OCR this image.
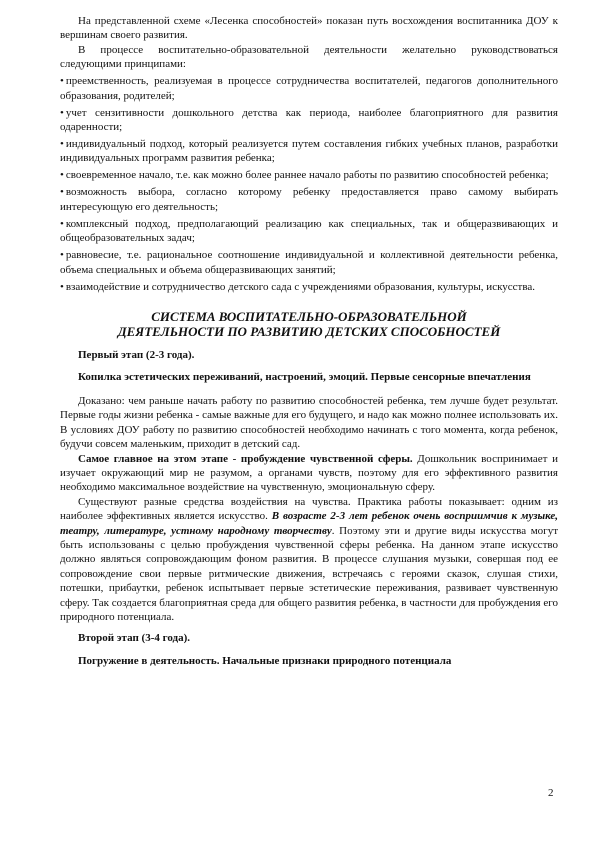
На представленной схеме «Лесенка способностей» показан путь восхождения воспитанника ДОУ к вершинам своего развития.

В процессе воспитательно-образовательной деятельности желательно руководствоваться следующими принципами:

• преемственность, реализуемая в процессе сотрудничества воспитателей, педагогов дополнительного образования, родителей;

• учет сензитивности дошкольного детства как периода, наиболее благоприятного для развития одаренности;

• индивидуальный подход, который реализуется путем составления гибких учебных планов, разработки индивидуальных программ развития ребенка;

• своевременное начало, т.е. как можно более раннее начало работы по развитию способностей ребенка;

• возможность выбора, согласно которому ребенку предоставляется право самому выбирать интересующую его деятельность;

• комплексный подход, предполагающий реализацию как специальных, так и общеразвивающих и общеобразовательных задач;

• равновесие, т.е. рациональное соотношение индивидуальной и коллективной деятельности ребенка, объема специальных и объема общеразвивающих занятий;

• взаимодействие и сотрудничество детского сада с учреждениями образования, культуры, искусства.

СИСТЕМА ВОСПИТАТЕЛЬНО-ОБРАЗОВАТЕЛЬНОЙ
ДЕЯТЕЛЬНОСТИ ПО РАЗВИТИЮ ДЕТСКИХ СПОСОБНОСТЕЙ

Первый этап (2-3 года).

Копилка эстетических переживаний, настроений, эмоций. Первые сенсорные впечатления

Доказано: чем раньше начать работу по развитию способностей ребенка, тем лучше будет результат. Первые годы жизни ребенка - самые важные для его будущего, и надо как можно полнее использовать их. В условиях ДОУ работу по развитию способностей необходимо начинать с того момента, когда ребенок, будучи совсем маленьким, приходит в детский сад.

Самое главное на этом этапе - пробуждение чувственной сферы. Дошкольник воспринимает и изучает окружающий мир не разумом, а органами чувств, поэтому для его эффективного развития необходимо максимальное воздействие на чувственную, эмоциональную сферу.

Существуют разные средства воздействия на чувства. Практика работы показывает: одним из наиболее эффективных является искусство. В возрасте 2-3 лет ребенок очень восприимчив к музыке, театру, литературе, устному народному творчеству. Поэтому эти и другие виды искусства могут быть использованы с целью пробуждения чувственной сферы ребенка. На данном этапе искусство должно являться сопровождающим фоном развития. В процессе слушания музыки, совершая под ее сопровождение свои первые ритмические движения, встречаясь с героями сказок, слушая стихи, потешки, прибаутки, ребенок испытывает первые эстетические переживания, развивает чувственную сферу. Так создается благоприятная среда для общего развития ребенка, в частности для пробуждения его природного потенциала.

Второй этап (3-4 года).

Погружение в деятельность. Начальные признаки природного потенциала

2
